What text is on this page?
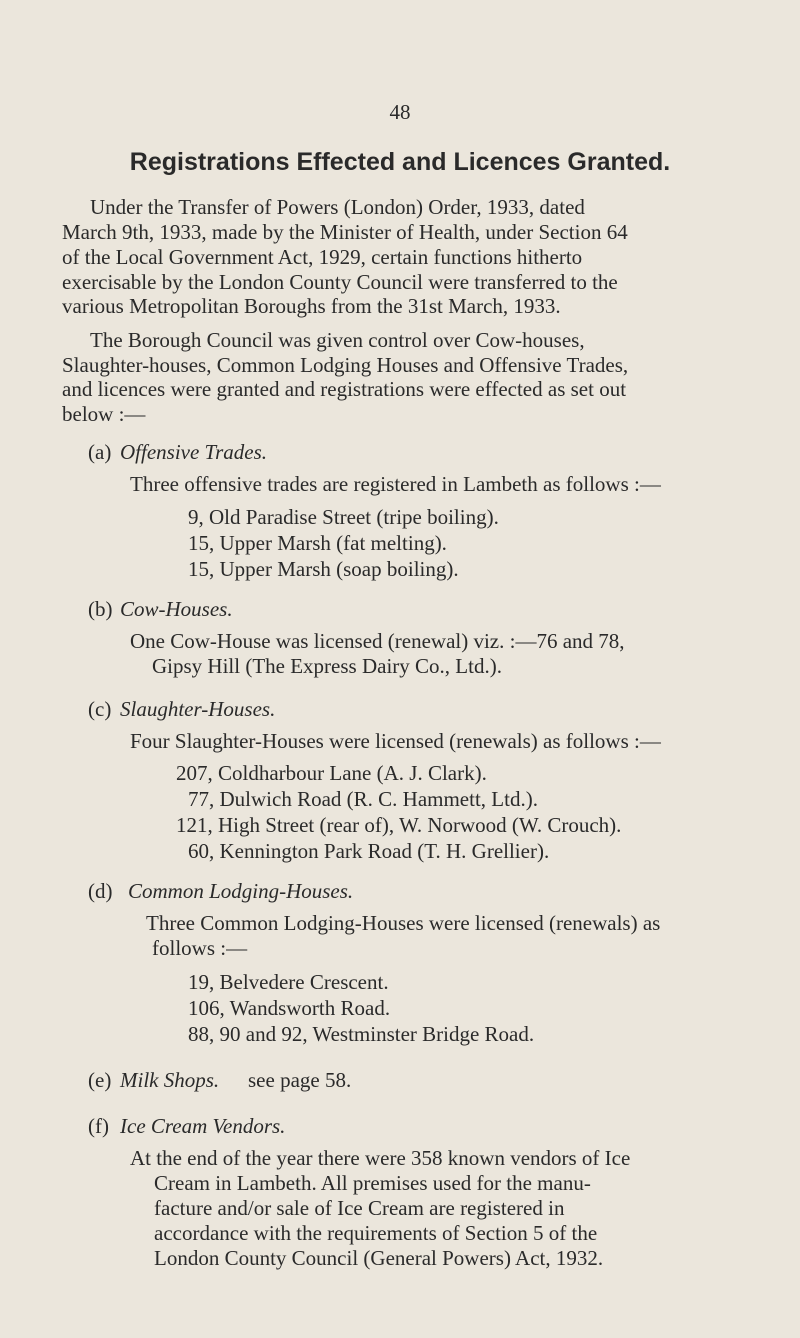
48
Registrations Effected and Licences Granted.
Under the Transfer of Powers (London) Order, 1933, dated
March 9th, 1933, made by the Minister of Health, under Section 64
of the Local Government Act, 1929, certain functions hitherto
exercisable by the London County Council were transferred to the
various Metropolitan Boroughs from the 31st March, 1933.
The Borough Council was given control over Cow-houses,
Slaughter-houses, Common Lodging Houses and Offensive Trades,
and licences were granted and registrations were effected as set out
below :—
(a) Offensive Trades.
Three offensive trades are registered in Lambeth as follows :—
9, Old Paradise Street (tripe boiling).
15, Upper Marsh (fat melting).
15, Upper Marsh (soap boiling).
(b) Cow-Houses.
One Cow-House was licensed (renewal) viz. :—76 and 78,
Gipsy Hill (The Express Dairy Co., Ltd.).
(c) Slaughter-Houses.
Four Slaughter-Houses were licensed (renewals) as follows :—
207, Coldharbour Lane (A. J. Clark).
77, Dulwich Road (R. C. Hammett, Ltd.).
121, High Street (rear of), W. Norwood (W. Crouch).
60, Kennington Park Road (T. H. Grellier).
(d) Common Lodging-Houses.
Three Common Lodging-Houses were licensed (renewals) as
follows :—
19, Belvedere Crescent.
106, Wandsworth Road.
88, 90 and 92, Westminster Bridge Road.
(e) Milk Shops. see page 58.
(f) Ice Cream Vendors.
At the end of the year there were 358 known vendors of Ice
Cream in Lambeth. All premises used for the manu-
facture and/or sale of Ice Cream are registered in
accordance with the requirements of Section 5 of the
London County Council (General Powers) Act, 1932.
